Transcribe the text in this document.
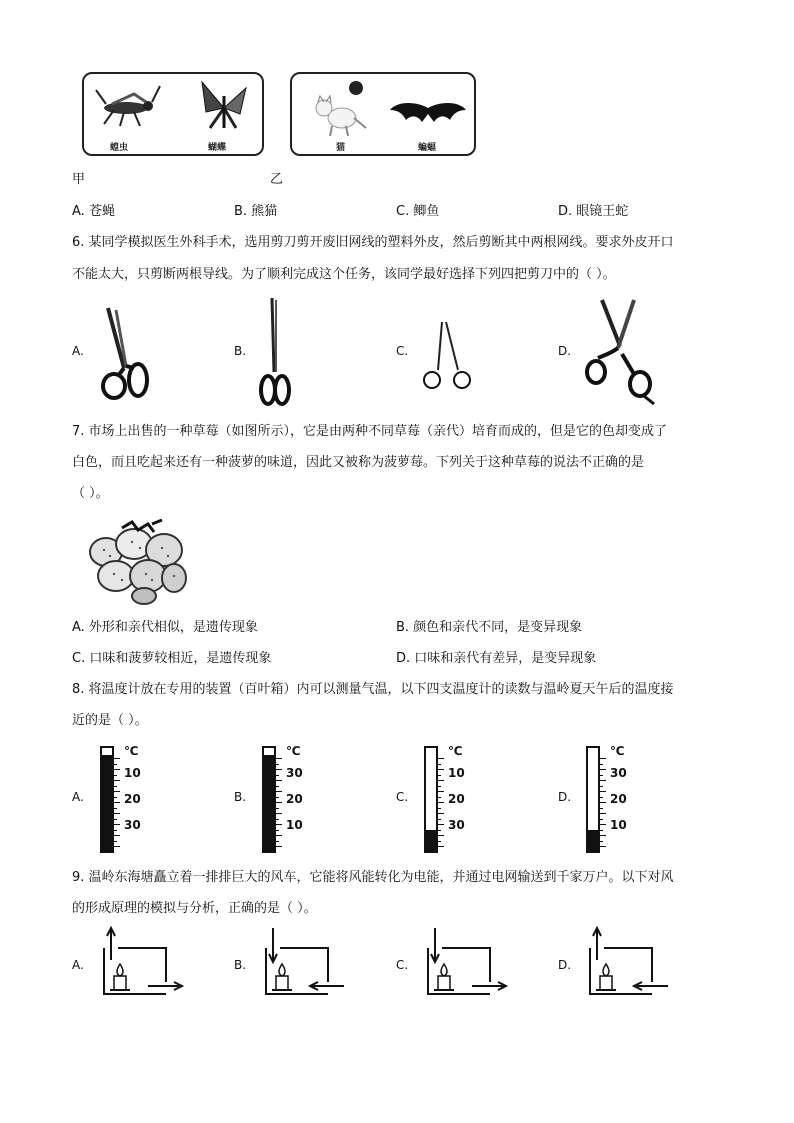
蝗虫	蝴蝶	猫	蝙蝠
甲	乙
A. 苍蝇	B. 熊猫	C. 鲫鱼	D. 眼镜王蛇
6. 某同学模拟医生外科手术，选用剪刀剪开废旧网线的塑料外皮，然后剪断其中两根网线。要求外皮开口
不能太大，只剪断两根导线。为了顺利完成这个任务，该同学最好选择下列四把剪刀中的（ ）。
A.	B.	C.	D.
7. 市场上出售的一种草莓（如图所示），它是由两种不同草莓（亲代）培育而成的，但是它的色却变成了
白色，而且吃起来还有一种菠萝的味道，因此又被称为菠萝莓。下列关于这种草莓的说法不正确的是
（ ）。
A. 外形和亲代相似，是遗传现象	B. 颜色和亲代不同，是变异现象
C. 口味和菠萝较相近，是遗传现象	D. 口味和亲代有差异，是变异现象
8. 将温度计放在专用的装置（百叶箱）内可以测量气温，以下四支温度计的读数与温岭夏天午后的温度接
近的是（ ）。
A.
℃
10
20
30
B.
℃
30
20
10
C.
℃
10
20
30
D.
℃
30
20
10
9. 温岭东海塘矗立着一排排巨大的风车，它能将风能转化为电能，并通过电网输送到千家万户。以下对风
的形成原理的模拟与分析，正确的是（ ）。
A.	B.	C.	D.
